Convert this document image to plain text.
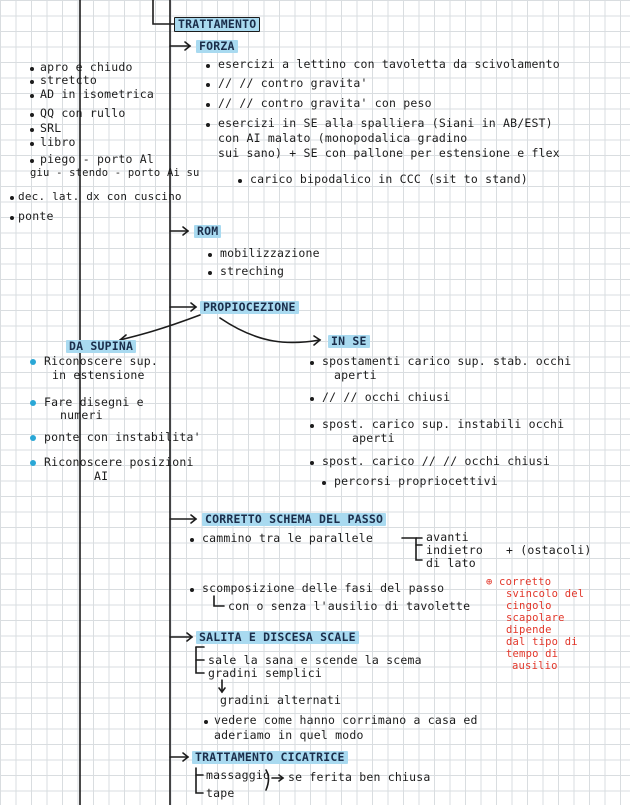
TRATTAMENTO
apro e chiudo
stretcto
AD in isometrica
QQ con rullo
SRL
libro
piego - porto Al
giu - stendo - porto Ai su
dec. lat. dx con cuscino
ponte
FORZA
esercizi a lettino con tavoletta da scivolamento
// // contro gravita'
// // contro gravita' con peso
esercizi in SE alla spalliera (Siani in AB/EST)
con AI malato (monopodalica gradino
sui sano) + SE con pallone per estensione e flex
carico bipodalico in CCC (sit to stand)
ROM
mobilizzazione
streching
PROPIOCEZIONE
DA SUPINA
Riconoscere sup.
in estensione
Fare disegni e
numeri
ponte con instabilita'
Riconoscere posizioni
AI
IN SE
spostamenti carico sup. stab. occhi
aperti
// // occhi chiusi
spost. carico sup. instabili occhi
aperti
spost. carico // // occhi chiusi
percorsi propriocettivi
CORRETTO SCHEMA DEL PASSO
cammino tra le parallele	avanti
indietro + (ostacoli)
di lato
scomposizione delle fasi del passo
con o senza l'ausilio di tavolette
⊕ corretto
svincolo del
cingolo
scapolare
dipende
dal tipo di
tempo di
ausilio
SALITA E DISCESA SCALE
sale la sana e scende la scema
gradini semplici
gradini alternati
vedere come hanno corrimano a casa ed
aderiamo in quel modo
TRATTAMENTO CICATRICE
massaggio
tape
se ferita ben chiusa
